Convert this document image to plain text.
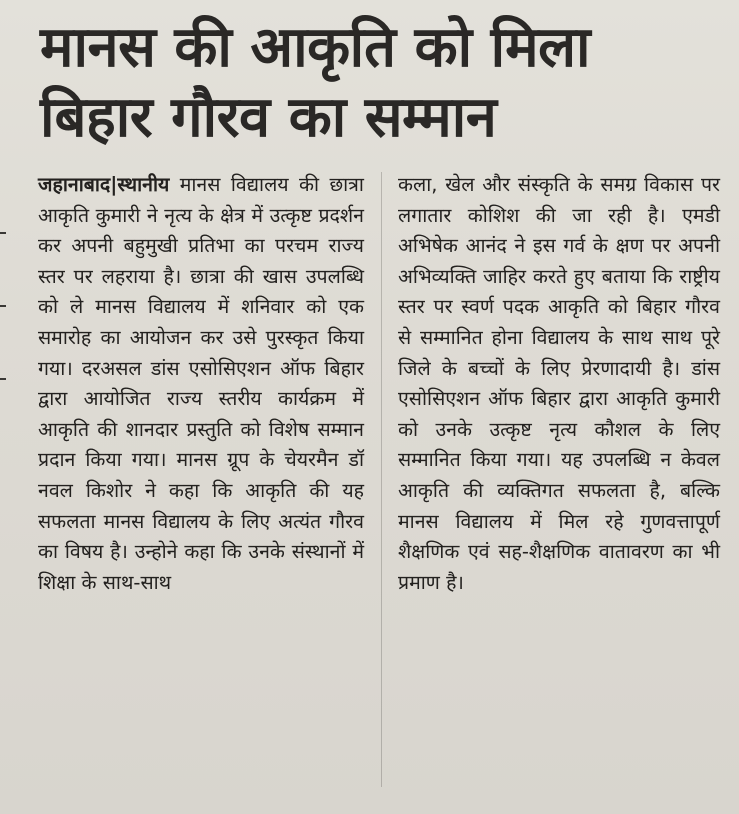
मानस की आकृति को मिला
बिहार गौरव का सम्मान
जहानाबाद|स्थानीय मानस विद्यालय की छात्रा आकृति कुमारी ने नृत्य के क्षेत्र में उत्कृष्ट प्रदर्शन कर अपनी बहुमुखी प्रतिभा का परचम राज्य स्तर पर लहराया है। छात्रा की खास उपलब्धि को ले मानस विद्यालय में शनिवार को एक समारोह का आयोजन कर उसे पुरस्कृत किया गया। दरअसल डांस एसोसिएशन ऑफ बिहार द्वारा आयोजित राज्य स्तरीय कार्यक्रम में आकृति की शानदार प्रस्तुति को विशेष सम्मान प्रदान किया गया। मानस ग्रूप के चेयरमैन डॉ नवल किशोर ने कहा कि आकृति की यह सफलता मानस विद्यालय के लिए अत्यंत गौरव का विषय है। उन्होने कहा कि उनके संस्थानों में शिक्षा के साथ-साथ
कला, खेल और संस्कृति के समग्र विकास पर लगातार कोशिश की जा रही है। एमडी अभिषेक आनंद ने इस गर्व के क्षण पर अपनी अभिव्यक्ति जाहिर करते हुए बताया कि राष्ट्रीय स्तर पर स्वर्ण पदक आकृति को बिहार गौरव से सम्मानित होना विद्यालय के साथ साथ पूरे जिले के बच्चों के लिए प्रेरणादायी है। डांस एसोसिएशन ऑफ बिहार द्वारा आकृति कुमारी को उनके उत्कृष्ट नृत्य कौशल के लिए सम्मानित किया गया। यह उपलब्धि न केवल आकृति की व्यक्तिगत सफलता है, बल्कि मानस विद्यालय में मिल रहे गुणवत्तापूर्ण शैक्षणिक एवं सह-शैक्षणिक वातावरण का भी प्रमाण है।
